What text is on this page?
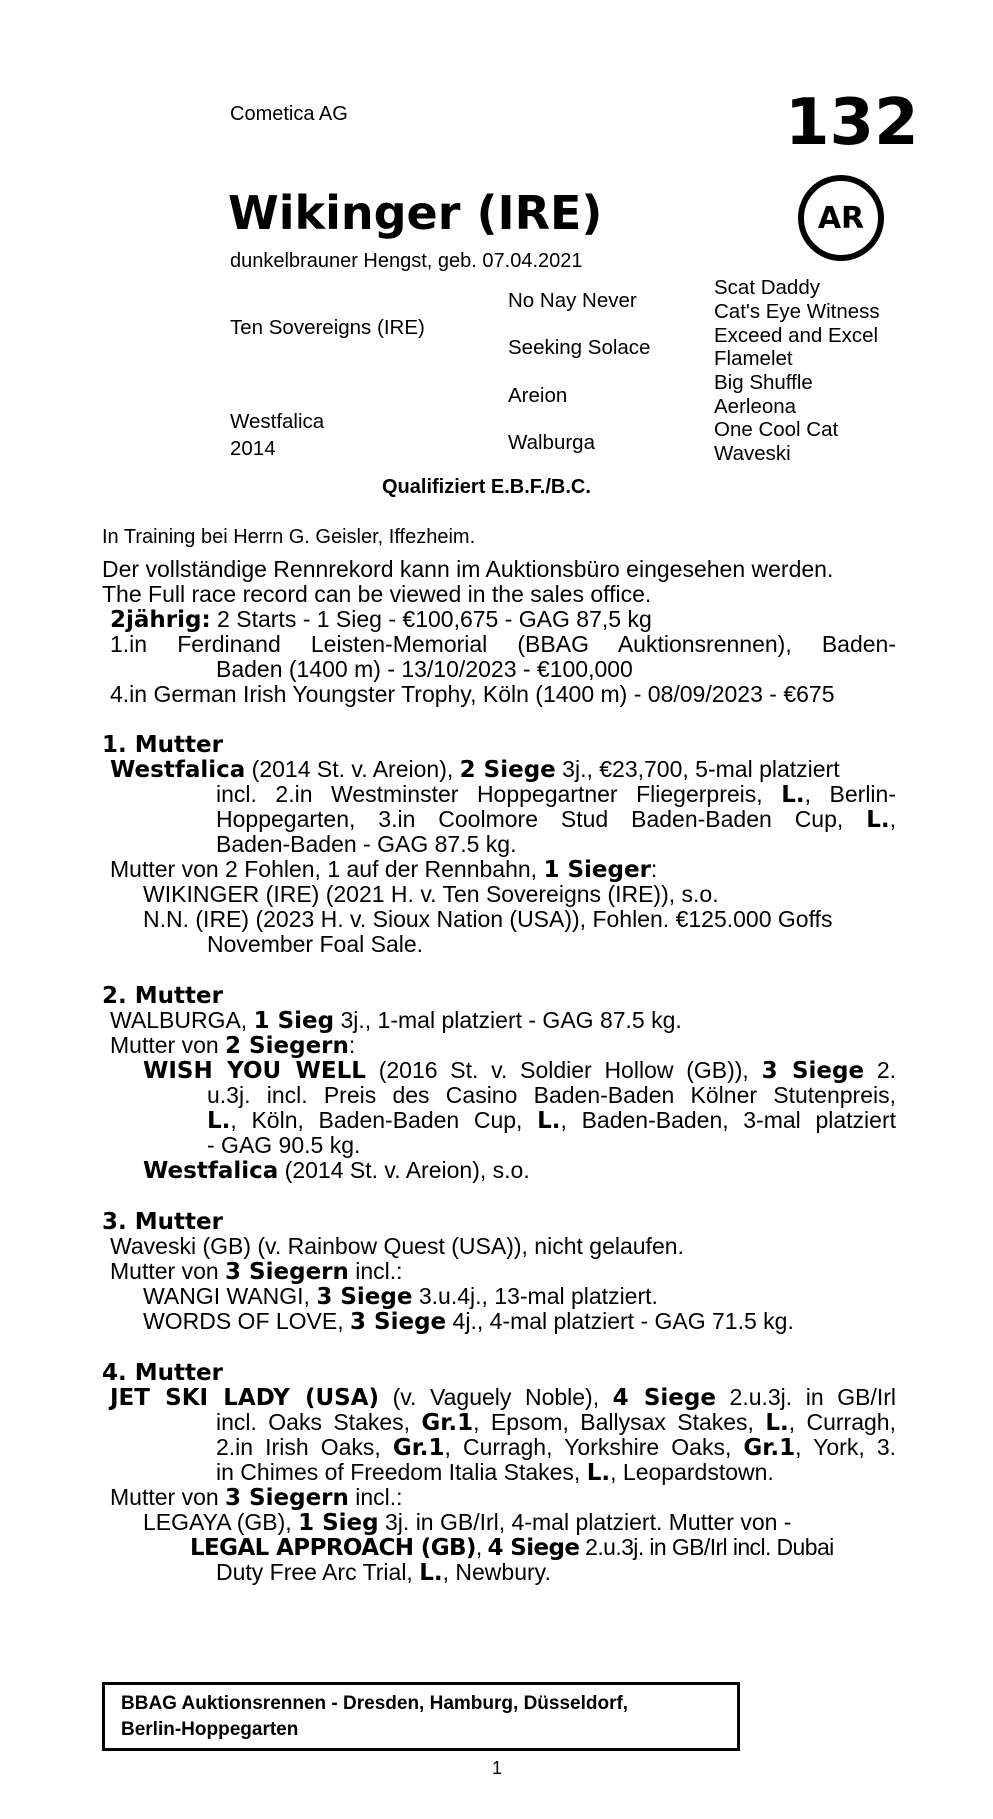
Cometica AG	132
AR
Wikinger (IRE)
dunkelbrauner Hengst, geb. 07.04.2021
Ten Sovereigns (IRE)
Westfalica
2014
No Nay Never
Seeking Solace
Areion
Walburga
Scat Daddy
Cat's Eye Witness
Exceed and Excel
Flamelet
Big Shuffle
Aerleona
One Cool Cat
Waveski
Qualifiziert E.B.F./B.C.
In Training bei Herrn G. Geisler, Iffezheim.
Der vollständige Rennrekord kann im Auktionsbüro eingesehen werden.
The Full race record can be viewed in the sales office.
2jährig: 2 Starts - 1 Sieg - €100,675 - GAG 87,5 kg
1.in Ferdinand Leisten-Memorial (BBAG Auktionsrennen), Baden-
Baden (1400 m) - 13/10/2023 - €100,000
4.in German Irish Youngster Trophy, Köln (1400 m) - 08/09/2023 - €675
1. Mutter
Westfalica (2014 St. v. Areion), 2 Siege 3j., €23,700, 5-mal platziert
incl. 2.in Westminster Hoppegartner Fliegerpreis, L., Berlin-
Hoppegarten, 3.in Coolmore Stud Baden-Baden Cup, L.,
Baden-Baden - GAG 87.5 kg.
Mutter von 2 Fohlen, 1 auf der Rennbahn, 1 Sieger:
WIKINGER (IRE) (2021 H. v. Ten Sovereigns (IRE)), s.o.
N.N. (IRE) (2023 H. v. Sioux Nation (USA)), Fohlen. €125.000 Goffs
November Foal Sale.
2. Mutter
WALBURGA, 1 Sieg 3j., 1-mal platziert - GAG 87.5 kg.
Mutter von 2 Siegern:
WISH YOU WELL (2016 St. v. Soldier Hollow (GB)), 3 Siege 2.
u.3j. incl. Preis des Casino Baden-Baden Kölner Stutenpreis,
L., Köln, Baden-Baden Cup, L., Baden-Baden, 3-mal platziert
- GAG 90.5 kg.
Westfalica (2014 St. v. Areion), s.o.
3. Mutter
Waveski (GB) (v. Rainbow Quest (USA)), nicht gelaufen.
Mutter von 3 Siegern incl.:
WANGI WANGI, 3 Siege 3.u.4j., 13-mal platziert.
WORDS OF LOVE, 3 Siege 4j., 4-mal platziert - GAG 71.5 kg.
4. Mutter
JET SKI LADY (USA) (v. Vaguely Noble), 4 Siege 2.u.3j. in GB/Irl
incl. Oaks Stakes, Gr.1, Epsom, Ballysax Stakes, L., Curragh,
2.in Irish Oaks, Gr.1, Curragh, Yorkshire Oaks, Gr.1, York, 3.
in Chimes of Freedom Italia Stakes, L., Leopardstown.
Mutter von 3 Siegern incl.:
LEGAYA (GB), 1 Sieg 3j. in GB/Irl, 4-mal platziert. Mutter von -
LEGAL APPROACH (GB), 4 Siege 2.u.3j. in GB/Irl incl. Dubai
Duty Free Arc Trial, L., Newbury.
BBAG Auktionsrennen - Dresden, Hamburg, Düsseldorf,
Berlin-Hoppegarten
1
